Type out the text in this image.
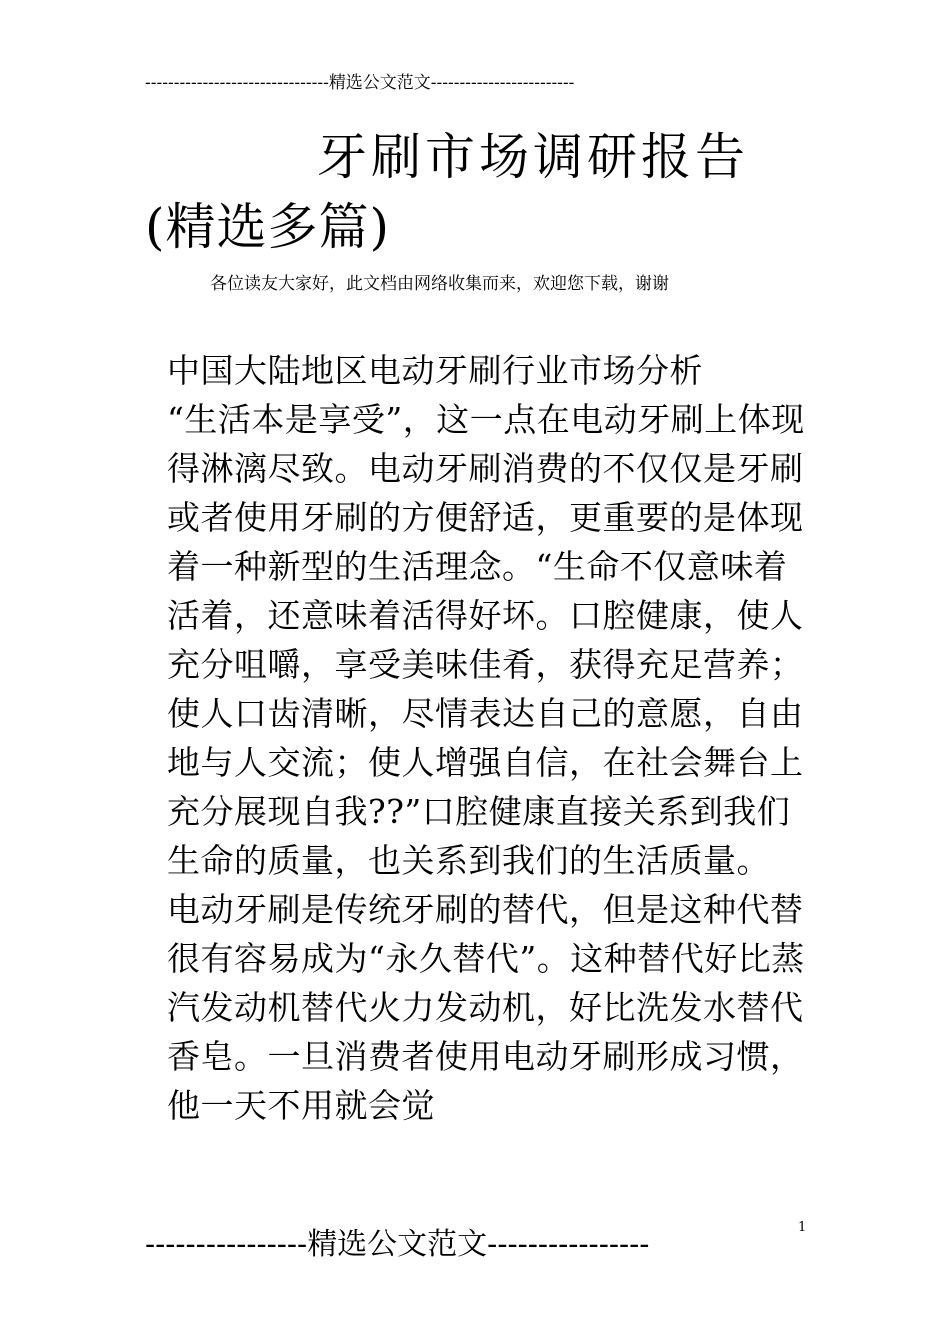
--------------------------------精选公文范文-------------------------
牙刷市场调研报告
(精选多篇)
各位读友大家好，此文档由网络收集而来，欢迎您下载，谢谢

中国大陆地区电动牙刷行业市场分析

“生活本是享受”，这一点在电动牙刷上体现得淋漓尽致。电动牙刷消费的不仅仅是牙刷或者使用牙刷的方便舒适，更重要的是体现着一种新型的生活理念。“生命不仅意味着活着，还意味着活得好坏。口腔健康，使人充分咀嚼，享受美味佳肴，获得充足营养；使人口齿清晰，尽情表达自己的意愿，自由地与人交流；使人增强自信，在社会舞台上充分展现自我??”口腔健康直接关系到我们生命的质量，也关系到我们的生活质量。

电动牙刷是传统牙刷的替代，但是这种代替很有容易成为“永久替代”。这种替代好比蒸汽发动机替代火力发动机，好比洗发水替代香皂。一旦消费者使用电动牙刷形成习惯，他一天不用就会觉

----------------精选公文范文----------------	1
